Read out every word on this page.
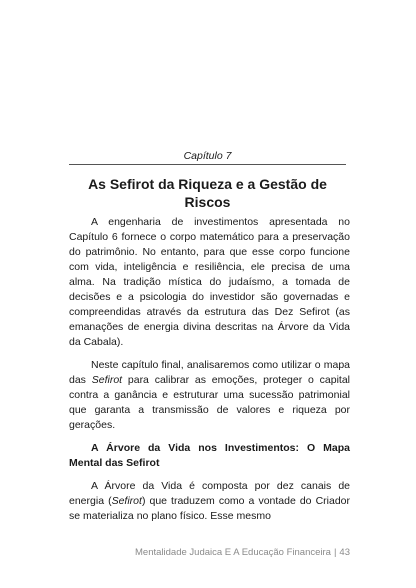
Capítulo 7
As Sefirot da Riqueza e a Gestão de Riscos

A engenharia de investimentos apresentada no Capítulo 6 fornece o corpo matemático para a preservação do patrimônio. No entanto, para que esse corpo funcione com vida, inteligência e resiliência, ele precisa de uma alma. Na tradição mística do judaísmo, a tomada de decisões e a psicologia do investidor são governadas e compreendidas através da estrutura das Dez Sefirot (as emanações de energia divina descritas na Árvore da Vida da Cabala).

Neste capítulo final, analisaremos como utilizar o mapa das Sefirot para calibrar as emoções, proteger o capital contra a ganância e estruturar uma sucessão patrimonial que garanta a transmissão de valores e riqueza por gerações.

A Árvore da Vida nos Investimentos: O Mapa Mental das Sefirot

A Árvore da Vida é composta por dez canais de energia (Sefirot) que traduzem como a vontade do Criador se materializa no plano físico. Esse mesmo

Mentalidade Judaica E A Educação Financeira | 43
